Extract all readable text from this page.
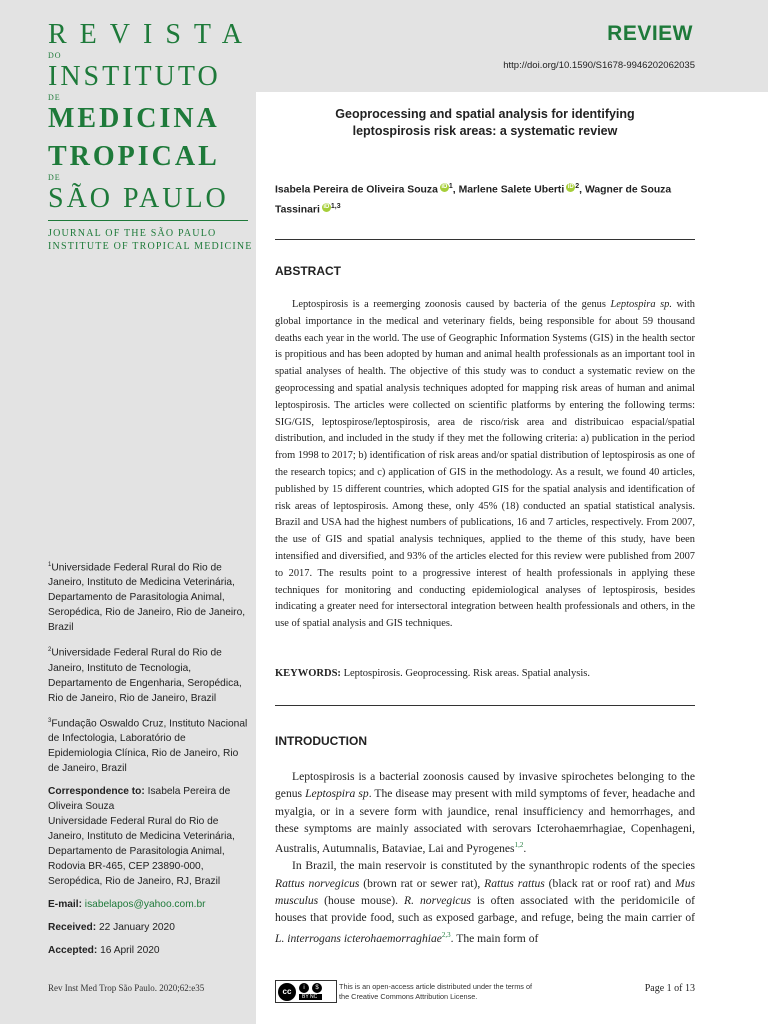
REVISTA
DO
INSTITUTO
DE
MEDICINA
TROPICAL
DE
SÃO PAULO
JOURNAL OF THE SÃO PAULO
INSTITUTE OF TROPICAL MEDICINE
REVIEW
http://doi.org/10.1590/S1678-9946202062035
Geoprocessing and spatial analysis for identifying
leptospirosis risk areas: a systematic review
Isabela Pereira de Oliveira Souza iD $^1$, Marlene Salete Uberti iD $^2$, Wagner de Souza Tassinari iD $^{1,3}$
ABSTRACT

Leptospirosis is a reemerging zoonosis caused by bacteria of the genus Leptospira sp. with global importance in the medical and veterinary fields, being responsible for about 59 thousand deaths each year in the world. The use of Geographic Information Systems (GIS) in the health sector is propitious and has been adopted by human and animal health professionals as an important tool in spatial analyses of health. The objective of this study was to conduct a systematic review on the geoprocessing and spatial analysis techniques adopted for mapping risk areas of human and animal leptospirosis. The articles were collected on scientific platforms by entering the following terms: SIG/GIS, leptospirose/leptospirosis, area de risco/risk area and distribuicao espacial/spatial distribution, and included in the study if they met the following criteria: a) publication in the period from 1998 to 2017; b) identification of risk areas and/or spatial distribution of leptospirosis as one of the research topics; and c) application of GIS in the methodology. As a result, we found 40 articles, published by 15 different countries, which adopted GIS for the spatial analysis and identification of risk areas of leptospirosis. Among these, only 45% (18) conducted an spatial statistical analysis. Brazil and USA had the highest numbers of publications, 16 and 7 articles, respectively. From 2007, the use of GIS and spatial analysis techniques, applied to the theme of this study, have been intensified and diversified, and 93% of the articles elected for this review were published from 2007 to 2017. The results point to a progressive interest of health professionals in applying these techniques for monitoring and conducting epidemiological analyses of leptospirosis, besides indicating a greater need for intersectoral integration between health professionals and others, in the use of spatial analysis and GIS techniques.

KEYWORDS: Leptospirosis. Geoprocessing. Risk areas. Spatial analysis.
INTRODUCTION

Leptospirosis is a bacterial zoonosis caused by invasive spirochetes belonging to the genus Leptospira sp. The disease may present with mild symptoms of fever, headache and myalgia, or in a severe form with jaundice, renal insufficiency and hemorrhages, and these symptoms are mainly associated with serovars Icterohaemrhagiae, Copenhageni, Australis, Autumnalis, Bataviae, Lai and Pyrogenes$^{1,2}$.

In Brazil, the main reservoir is constituted by the synanthropic rodents of the species Rattus norvegicus (brown rat or sewer rat), Rattus rattus (black rat or roof rat) and Mus musculus (house mouse). R. norvegicus is often associated with the peridomicile of houses that provide food, such as exposed garbage, and refuge, being the main carrier of L. interrogans icterohaemorraghiae$^{2,3}$. The main form of

$^1$Universidade Federal Rural do Rio de Janeiro, Instituto de Medicina Veterinária, Departamento de Parasitologia Animal, Seropédica, Rio de Janeiro, Rio de Janeiro, Brazil

$^2$Universidade Federal Rural do Rio de Janeiro, Instituto de Tecnologia, Departamento de Engenharia, Seropédica, Rio de Janeiro, Rio de Janeiro, Brazil

$^3$Fundação Oswaldo Cruz, Instituto Nacional de Infectologia, Laboratório de Epidemiologia Clínica, Rio de Janeiro, Rio de Janeiro, Brazil

Correspondence to: Isabela Pereira de Oliveira Souza
Universidade Federal Rural do Rio de Janeiro, Instituto de Medicina Veterinária, Departamento de Parasitologia Animal, Rodovia BR-465, CEP 23890-000, Seropédica, Rio de Janeiro, RJ, Brazil

E-mail: isabelapos@yahoo.com.br

Received: 22 January 2020

Accepted: 16 April 2020

Rev Inst Med Trop São Paulo. 2020;62:e35	cc	i	$
BY NC
This is an open-access article distributed under the terms of the Creative Commons Attribution License.
Page 1 of 13
